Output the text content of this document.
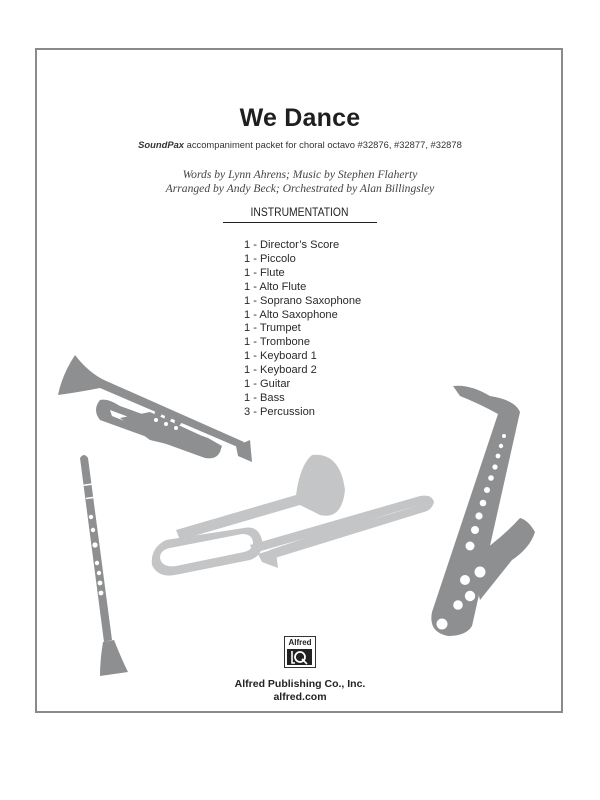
We Dance
SoundPax accompaniment packet for choral octavo #32876, #32877, #32878
Words by Lynn Ahrens; Music by Stephen Flaherty
Arranged by Andy Beck; Orchestrated by Alan Billingsley
INSTRUMENTATION
1 - Director’s Score
1 - Piccolo
1 - Flute
1 - Alto Flute
1 - Soprano Saxophone
1 - Alto Saxophone
1 - Trumpet
1 - Trombone
1 - Keyboard 1
1 - Keyboard 2
1 - Guitar
1 - Bass
3 - Percussion
Alfred
Alfred Publishing Co., Inc.
alfred.com
